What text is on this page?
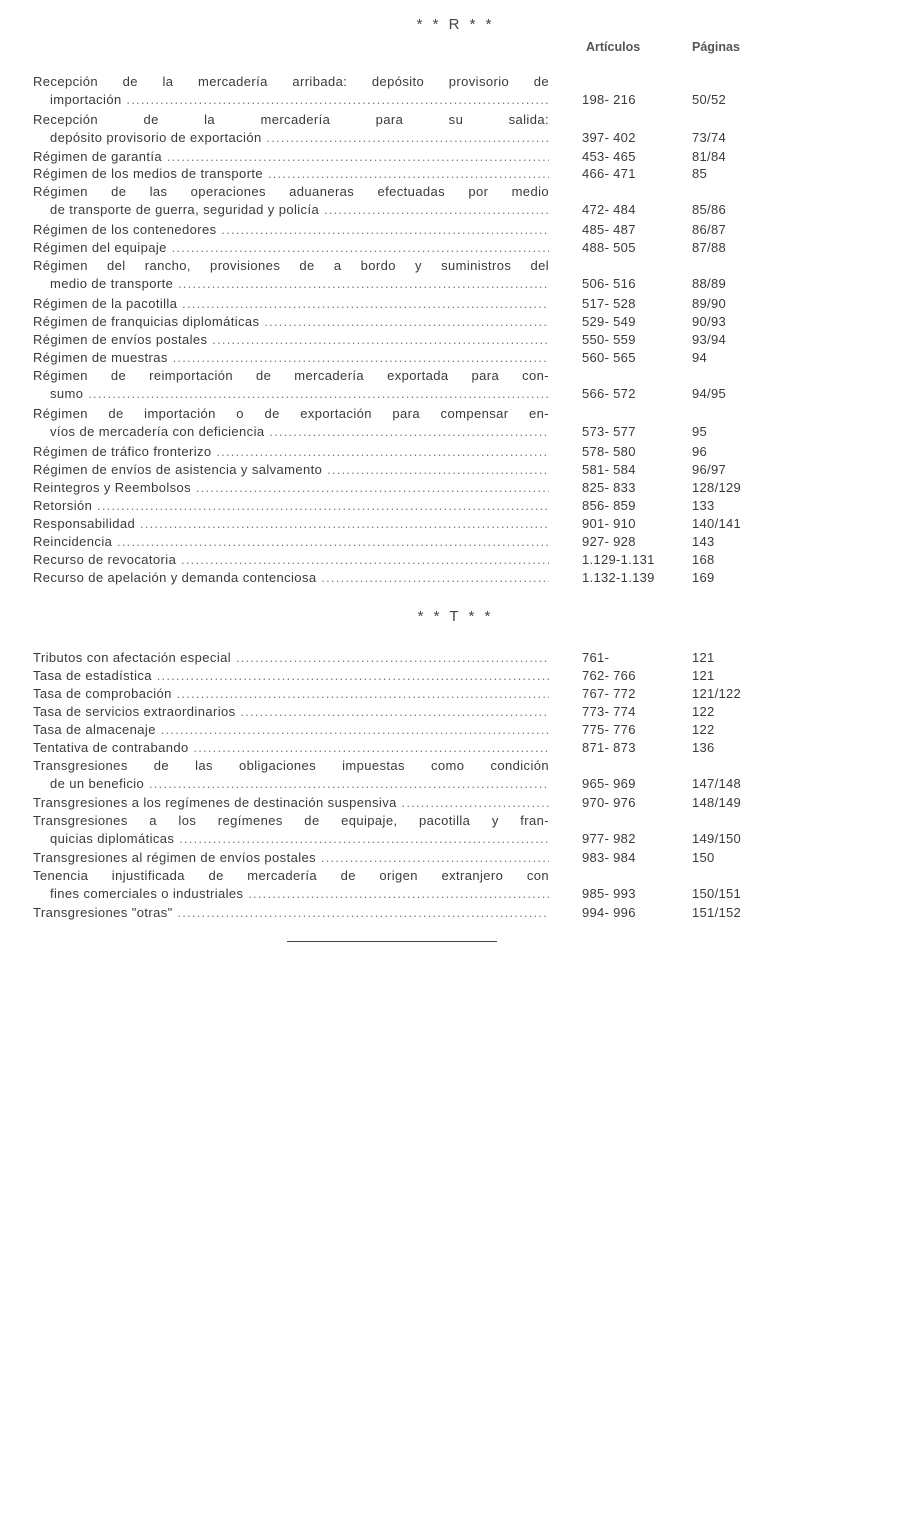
* * R * *
Artículos	Páginas
Recepción de la mercadería arribada: depósito provisorio de
importación .....	198- 216	50/52
Recepción de la mercadería para su salida:
depósito provisorio de exportación .....	397- 402	73/74
Régimen de garantía .....	453- 465	81/84
Régimen de los medios de transporte .....	466- 471	85
Régimen de las operaciones aduaneras efectuadas por medio
de transporte de guerra, seguridad y policía .....	472- 484	85/86
Régimen de los contenedores .....	485- 487	86/87
Régimen del equipaje .....	488- 505	87/88
Régimen del rancho, provisiones de a bordo y suministros del
medio de transporte .....	506- 516	88/89
Régimen de la pacotilla .....	517- 528	89/90
Régimen de franquicias diplomáticas .....	529- 549	90/93
Régimen de envíos postales .....	550- 559	93/94
Régimen de muestras .....	560- 565	94
Régimen de reimportación de mercadería exportada para con-
sumo .....	566- 572	94/95
Régimen de importación o de exportación para compensar en-
víos de mercadería con deficiencia .....	573- 577	95
Régimen de tráfico fronterizo .....	578- 580	96
Régimen de envíos de asistencia y salvamento .....	581- 584	96/97
Reintegros y Reembolsos .....	825- 833	128/129
Retorsión .....	856- 859	133
Responsabilidad .....	901- 910	140/141
Reincidencia .....	927- 928	143
Recurso de revocatoria .....	1.129-1.131	168
Recurso de apelación y demanda contenciosa .....	1.132-1.139	169
* * T * *
Tributos con afectación especial .....	761-	121
Tasa de estadística .....	762- 766	121
Tasa de comprobación .....	767- 772	121/122
Tasa de servicios extraordinarios .....	773- 774	122
Tasa de almacenaje .....	775- 776	122
Tentativa de contrabando .....	871- 873	136
Transgresiones de las obligaciones impuestas como condición
de un beneficio .....	965- 969	147/148
Transgresiones a los regímenes de destinación suspensiva .....	970- 976	148/149
Transgresiones a los regímenes de equipaje, pacotilla y fran-
quicias diplomáticas .....	977- 982	149/150
Transgresiones al régimen de envíos postales .....	983- 984	150
Tenencia injustificada de mercadería de origen extranjero con
fines comerciales o industriales .....	985- 993	150/151
Transgresiones "otras" .....	994- 996	151/152
